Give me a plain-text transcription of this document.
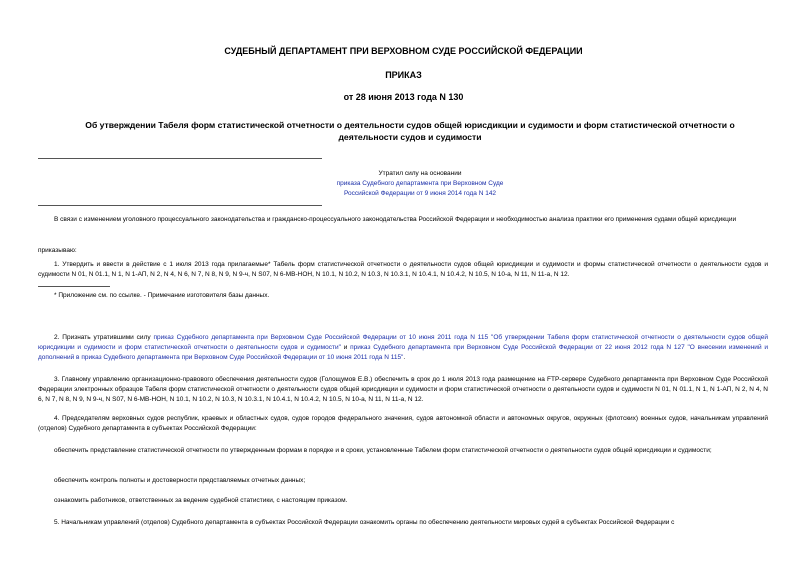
СУДЕБНЫЙ ДЕПАРТАМЕНТ ПРИ ВЕРХОВНОМ СУДЕ РОССИЙСКОЙ ФЕДЕРАЦИИ
ПРИКАЗ
от 28 июня 2013 года N 130
Об утверждении Табеля форм статистической отчетности о деятельности судов общей юрисдикции и судимости и форм статистической отчетности о деятельности судов и судимости
Утратил силу на основании
приказа Судебного департамента при Верховном Суде
Российской Федерации от 9 июня 2014 года N 142
В связи с изменением уголовного процессуального законодательства и гражданско-процессуального законодательства Российской Федерации и необходимостью анализа практики его применения судами общей юрисдикции
приказываю:
1. Утвердить и ввести в действие с 1 июля 2013 года прилагаемые* Табель форм статистической отчетности о деятельности судов общей юрисдикции и судимости и формы статистической отчетности о деятельности судов и судимости N 01, N 01.1, N 1, N 1-АП, N 2, N 4, N 6, N 7, N 8, N 9, N 9-ч, N S07, N 6-МВ-НОН, N 10.1, N 10.2, N 10.3, N 10.3.1, N 10.4.1, N 10.4.2, N 10.5, N 10-а, N 11, N 11-а, N 12.
* Приложение см. по ссылке. - Примечание изготовителя базы данных.
2. Признать утратившими силу приказ Судебного департамента при Верховном Суде Российской Федерации от 10 июня 2011 года N 115 "Об утверждении Табеля форм статистической отчетности о деятельности судов общей юрисдикции и судимости и форм статистической отчетности о деятельности судов и судимости" и приказ Судебного департамента при Верховном Суде Российской Федерации от 22 июня 2012 года N 127 "О внесении изменений и дополнений в приказ Судебного департамента при Верховном Суде Российской Федерации от 10 июня 2011 года N 115".
3. Главному управлению организационно-правового обеспечения деятельности судов (Голощумов Е.В.) обеспечить в срок до 1 июля 2013 года размещение на FTP-сервере Судебного департамента при Верховном Суде Российской Федерации электронных образцов Табеля форм статистической отчетности о деятельности судов общей юрисдикции и судимости и форм статистической отчетности о деятельности судов и судимости N 01, N 01.1, N 1, N 1-АП, N 2, N 4, N 6, N 7, N 8, N 9, N 9-ч, N S07, N 6-МВ-НОН, N 10.1, N 10.2, N 10.3, N 10.3.1, N 10.4.1, N 10.4.2, N 10.5, N 10-а, N 11, N 11-а, N 12.
4. Председателям верховных судов республик, краевых и областных судов, судов городов федерального значения, судов автономной области и автономных округов, окружных (флотских) военных судов, начальникам управлений (отделов) Судебного департамента в субъектах Российской Федерации:
обеспечить представление статистической отчетности по утвержденным формам в порядке и в сроки, установленные Табелем форм статистической отчетности о деятельности судов общей юрисдикции и судимости;
обеспечить контроль полноты и достоверности представляемых отчетных данных;
ознакомить работников, ответственных за ведение судебной статистики, с настоящим приказом.
5. Начальникам управлений (отделов) Судебного департамента в субъектах Российской Федерации ознакомить органы по обеспечению деятельности мировых судей в субъектах Российской Федерации с
